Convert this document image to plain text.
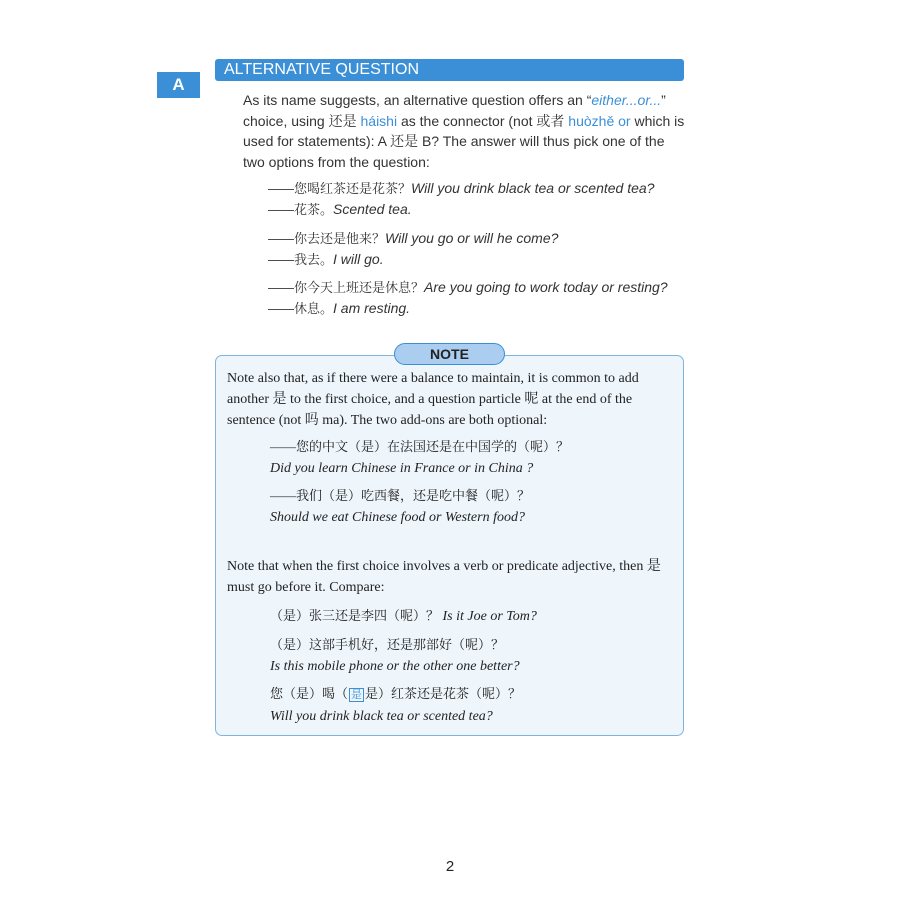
A
ALTERNATIVE QUESTION
As its name suggests, an alternative question offers an “either...or...” choice, using 还是 háishi as the connector (not 或者 huòzhě or which is used for statements): A 还是 B? The answer will thus pick one of the two options from the question:
——您喝红茶还是花茶？Will you drink black tea or scented tea?
——花茶。Scented tea.
——你去还是他来？Will you go or will he come?
——我去。I will go.
——你今天上班还是休息？Are you going to work today or resting?
——休息。I am resting.
NOTE
Note also that, as if there were a balance to maintain, it is common to add another 是 to the first choice, and a question particle 呢 at the end of the sentence (not 吗 ma). The two add-ons are both optional:
——您的中文（是）在法国还是在中国学的（呢）？
Did you learn Chinese in France or in China ?
——我们（是）吃西餐，还是吃中餐（呢）？
Should we eat Chinese food or Western food?
Note that when the first choice involves a verb or predicate adjective, then 是 must go before it. Compare:
（是）张三还是李四（呢）？ Is it Joe or Tom?
（是）这部手机好，还是那部好（呢）？
Is this mobile phone or the other one better?
您（是）喝（ 是 是）红茶还是花茶（呢）？
Will you drink black tea or scented tea?
2
